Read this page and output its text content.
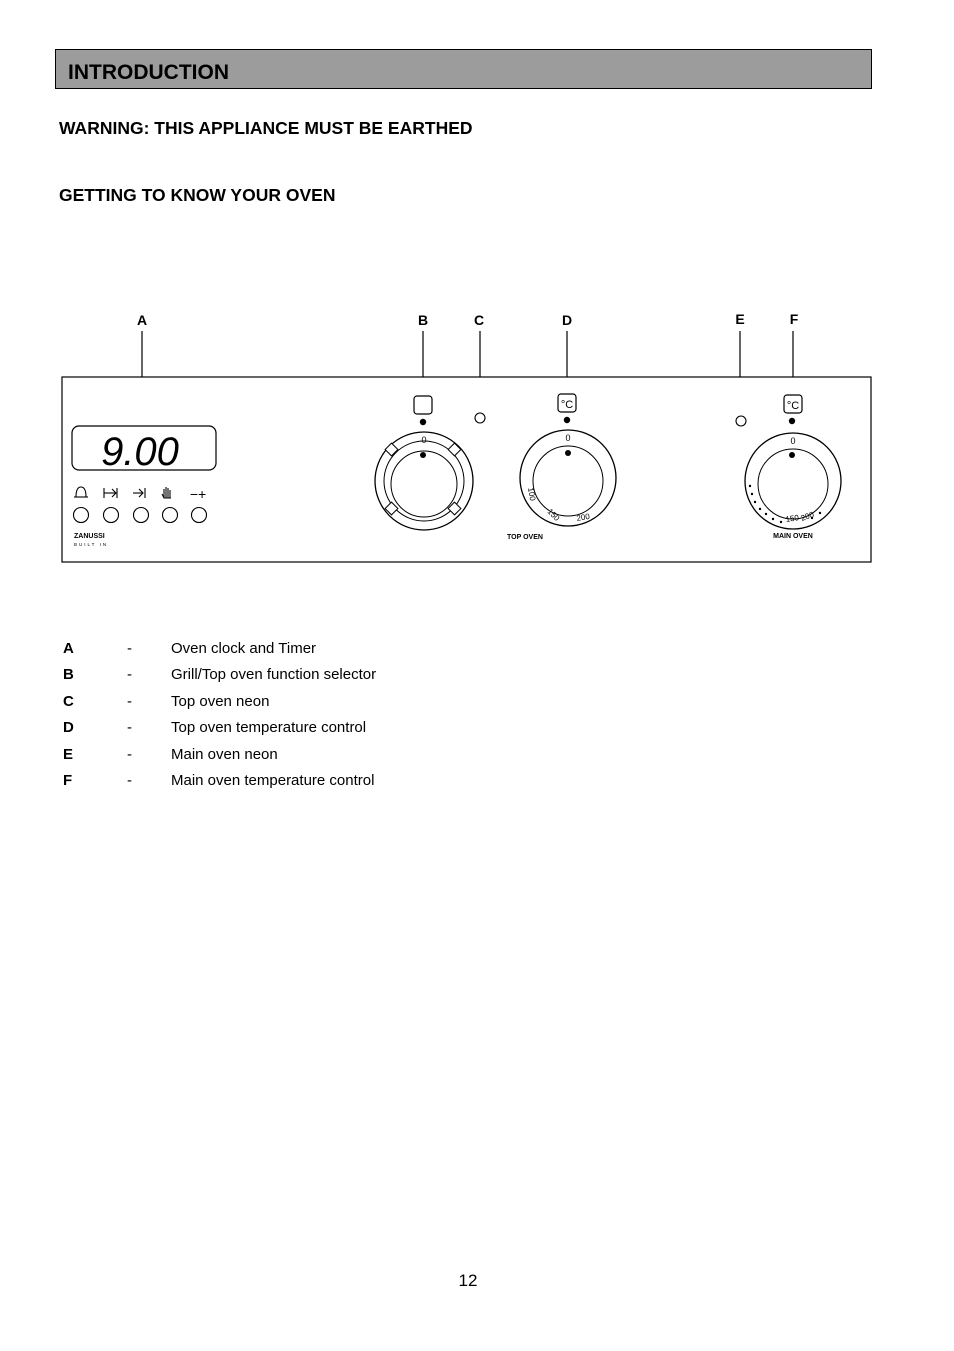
INTRODUCTION
WARNING: THIS APPLIANCE MUST BE EARTHED
GETTING TO KNOW YOUR OVEN
A	B	C	D	E	F
9.00
−+
ZANUSSI
BUILT IN
0
°C
0
100
150 200
TOP OVEN
°C
0
150 200
MAIN OVEN
A	-	Oven clock and Timer
B	-	Grill/Top oven function selector
C	-	Top oven neon
D	-	Top oven temperature control
E	-	Main oven neon
F	-	Main oven temperature control
12
